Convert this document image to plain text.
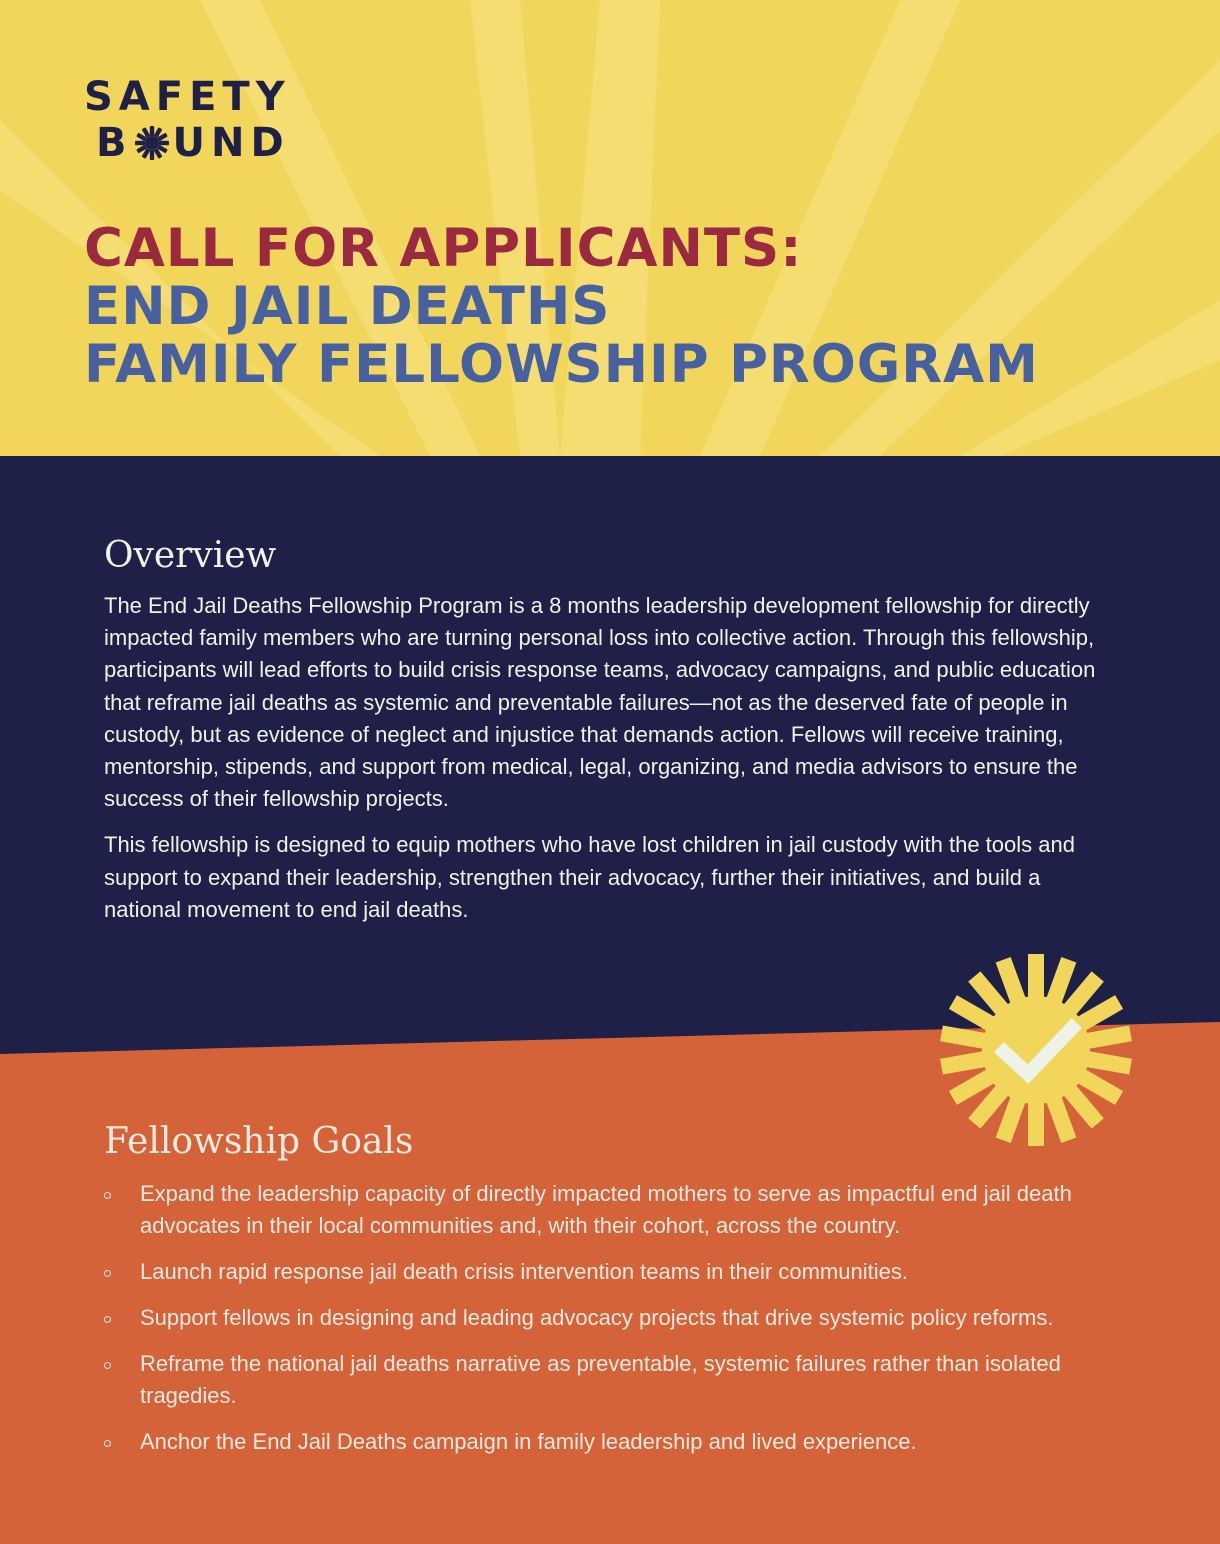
SAFETY
B UND
CALL FOR APPLICANTS:
END JAIL DEATHS
FAMILY FELLOWSHIP PROGRAM
Overview

The End Jail Deaths Fellowship Program is a 8 months leadership development fellowship for directly impacted family members who are turning personal loss into collective action. Through this fellowship, participants will lead efforts to build crisis response teams, advocacy campaigns, and public education that reframe jail deaths as systemic and preventable failures—not as the deserved fate of people in custody, but as evidence of neglect and injustice that demands action. Fellows will receive training, mentorship, stipends, and support from medical, legal, organizing, and media advisors to ensure the success of their fellowship projects.

This fellowship is designed to equip mothers who have lost children in jail custody with the tools and support to expand their leadership, strengthen their advocacy, further their initiatives, and build a national movement to end jail deaths.

Fellowship Goals
Expand the leadership capacity of directly impacted mothers to serve as impactful end jail death advocates in their local communities and, with their cohort, across the country.
Launch rapid response jail death crisis intervention teams in their communities.
Support fellows in designing and leading advocacy projects that drive systemic policy reforms.
Reframe the national jail deaths narrative as preventable, systemic failures rather than isolated tragedies.
Anchor the End Jail Deaths campaign in family leadership and lived experience.
